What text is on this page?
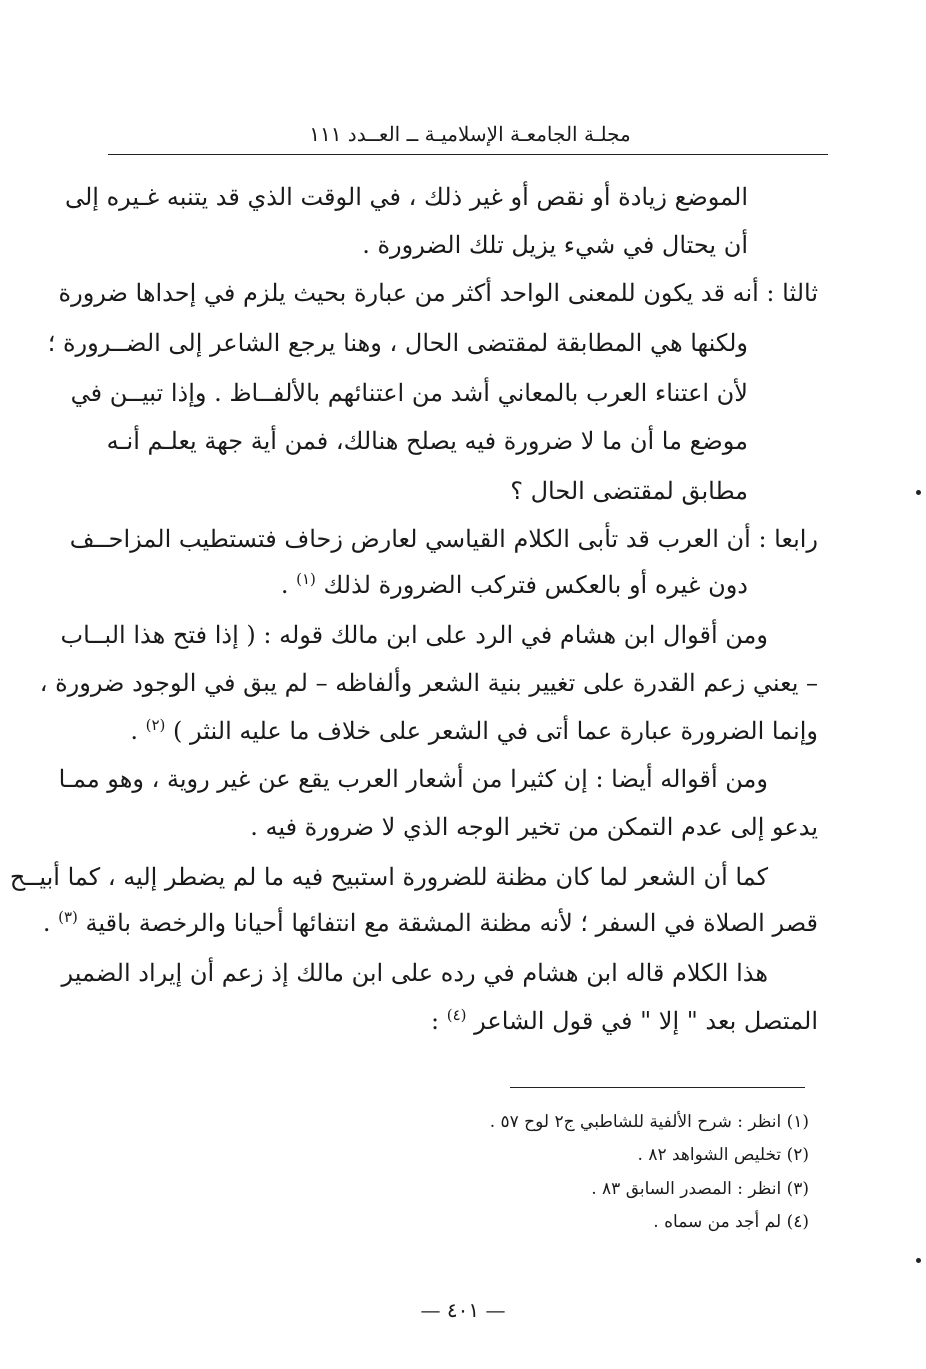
مجلـة الجامعـة الإسلاميـة ــ العــدد ١١١
الموضع زيادة أو نقص أو غير ذلك ، في الوقت الذي قد يتنبه غـيره إلى
أن يحتال في شيء يزيل تلك الضرورة .
ثالثا : أنه قد يكون للمعنى الواحد أكثر من عبارة بحيث يلزم في إحداها ضرورة
ولكنها هي المطابقة لمقتضى الحال ، وهنا يرجع الشاعر إلى الضــرورة ؛
لأن اعتناء العرب بالمعاني أشد من اعتنائهم بالألفــاظ . وإذا تبيــن في
موضع ما أن ما لا ضرورة فيه يصلح هنالك، فمن أية جهة يعلـم أنـه
مطابق لمقتضى الحال ؟
رابعا : أن العرب قد تأبى الكلام القياسي لعارض زحاف فتستطيب المزاحــف
دون غيره أو بالعكس فتركب الضرورة لذلك $^{(١)}$ .
ومن أقوال ابن هشام في الرد على ابن مالك قوله : ( إذا فتح هذا البــاب
– يعني زعم القدرة على تغيير بنية الشعر وألفاظه – لم يبق في الوجود ضرورة ،
وإنما الضرورة عبارة عما أتى في الشعر على خلاف ما عليه النثر ) $^{(٢)}$ .
ومن أقواله أيضا : إن كثيرا من أشعار العرب يقع عن غير روية ، وهو ممـا
يدعو إلى عدم التمكن من تخير الوجه الذي لا ضرورة فيه .
كما أن الشعر لما كان مظنة للضرورة استبيح فيه ما لم يضطر إليه ، كما أبيــح
قصر الصلاة في السفر ؛ لأنه مظنة المشقة مع انتفائها أحيانا والرخصة باقية $^{(٣)}$ .
هذا الكلام قاله ابن هشام في رده على ابن مالك إذ زعم أن إيراد الضمير
المتصل بعد " إلا " في قول الشاعر $^{(٤)}$ :
(١) انظر : شرح الألفية للشاطبي ج٢ لوح ٥٧ .
(٢) تخليص الشواهد ٨٢ .
(٣) انظر : المصدر السابق ٨٣ .
(٤) لم أجد من سماه .
— ٤٠١ —
